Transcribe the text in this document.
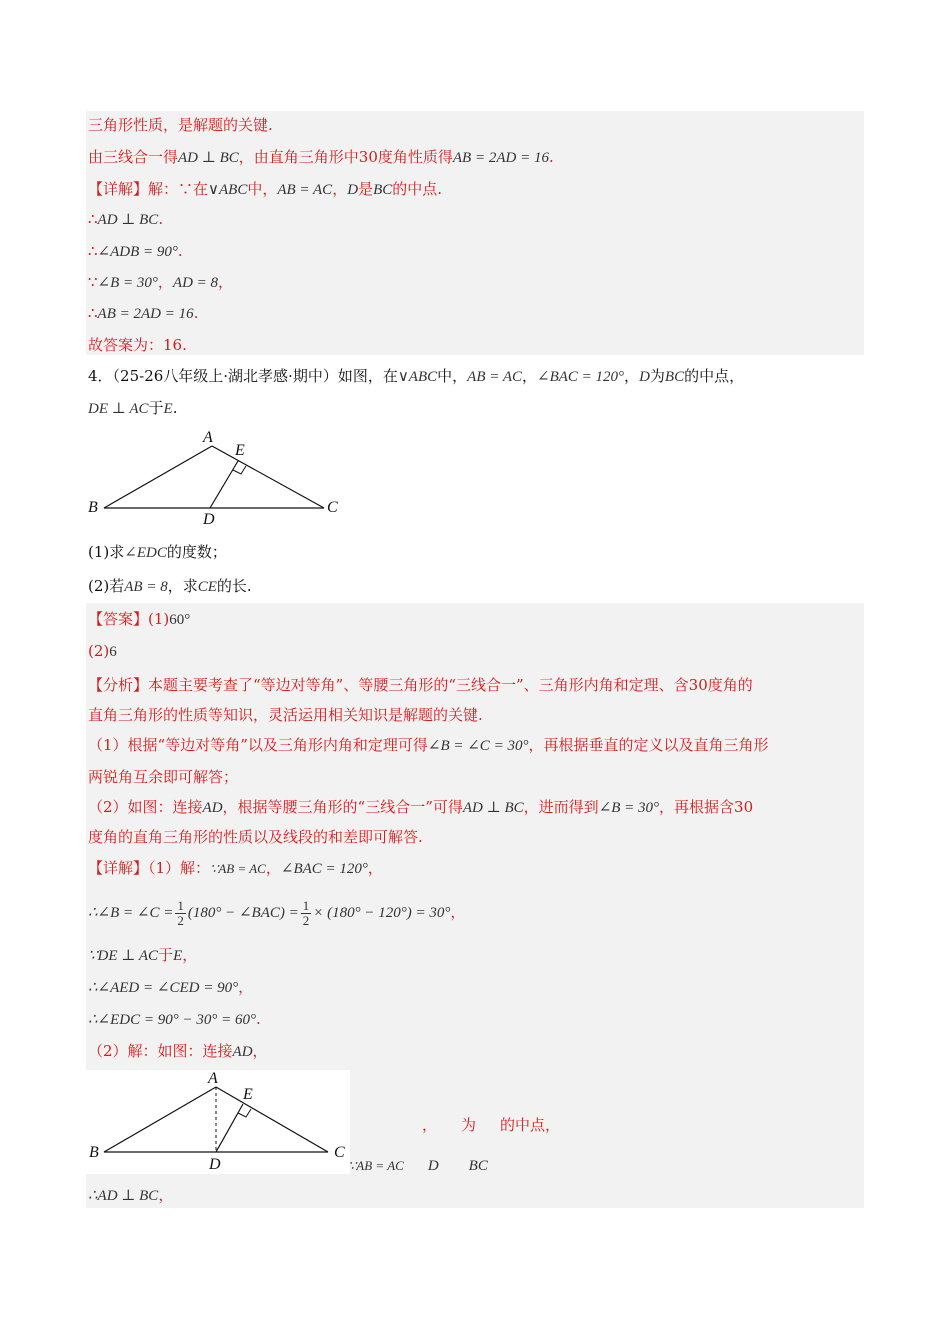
三角形性质，是解题的关键.
由三线合一得AD ⊥ BC，由直角三角形中30度角性质得AB = 2AD = 16.
【详解】解：∵在∨ABC中，AB = AC，D是BC的中点.
∴AD ⊥ BC.
∴∠ADB = 90°.
∵∠B = 30°，AD = 8，
∴AB = 2AD = 16.
故答案为：16.
4．（25-26八年级上·湖北孝感·期中）如图，在∨ABC中，AB = AC，∠BAC = 120°，D为BC的中点，
DE ⊥ AC于E.
A
E
B
D
C
(1)求∠EDC的度数；
(2)若AB = 8，求CE的长.
【答案】(1)60°
(2)6
【分析】本题主要考查了“等边对等角”、等腰三角形的“三线合一”、三角形内角和定理、含30度角的
直角三角形的性质等知识，灵活运用相关知识是解题的关键.
（1）根据“等边对等角”以及三角形内角和定理可得∠B = ∠C = 30°，再根据垂直的定义以及直角三角形
两锐角互余即可解答；
（2）如图：连接AD，根据等腰三角形的“三线合一”可得AD ⊥ BC，进而得到∠B = 30°，再根据含30
度角的直角三角形的性质以及线段的和差即可解答.
【详解】（1）解：∵AB = AC，∠BAC = 120°，
∴∠B = ∠C = $\frac{1}{2} (180^\circ$ − ∠BAC) = $\frac{1}{2} \times (180^\circ - 120^\circ) = 30^\circ$，
∵DE ⊥ AC于E，
∴∠AED = ∠CED = 90°，
∴∠EDC = 90° − 30° = 60°.
（2）解：如图：连接AD，
A
E
B
D
C
， 为 的中点，
∵AB = AC D BC
∴AD ⊥ BC，
